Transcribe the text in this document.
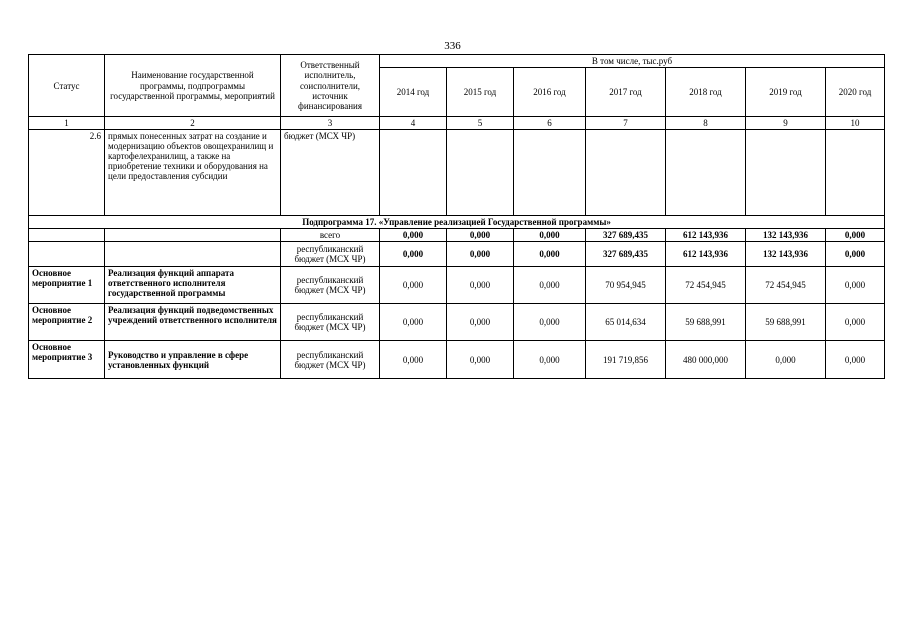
336
Статус	Наименование государственной программы, подпрограммы государственной программы, мероприятий	Ответственный исполнитель, соисполнители, источник финансирования	В том числе, тыс.руб						
			2014 год	2015 год	2016 год	2017 год	2018 год	2019 год	2020 год
1	2	3	4	5	6	7	8	9	10
2.6	прямых понесенных затрат на создание и модернизацию объектов овощехранилищ и картофелехранилищ, а также на приобретение техники и оборудования на цели предоставления субсидии	бюджет (МСХ ЧР)							
Подпрограмма 17. «Управление реализацией Государственной программы»									
		всего	0,000	0,000	0,000	327 689,435	612 143,936	132 143,936	0,000
		республиканский бюджет (МСХ ЧР)	0,000	0,000	0,000	327 689,435	612 143,936	132 143,936	0,000
Основное мероприятие 1	Реализация функций аппарата ответственного исполнителя государственной программы	республиканский бюджет (МСХ ЧР)	0,000	0,000	0,000	70 954,945	72 454,945	72 454,945	0,000
Основное мероприятие 2	Реализация функций подведомственных учреждений ответственного исполнителя	республиканский бюджет (МСХ ЧР)	0,000	0,000	0,000	65 014,634	59 688,991	59 688,991	0,000
Основное мероприятие 3	Руководство и управление в сфере установленных функций	республиканский бюджет (МСХ ЧР)	0,000	0,000	0,000	191 719,856	480 000,000	0,000	0,000
